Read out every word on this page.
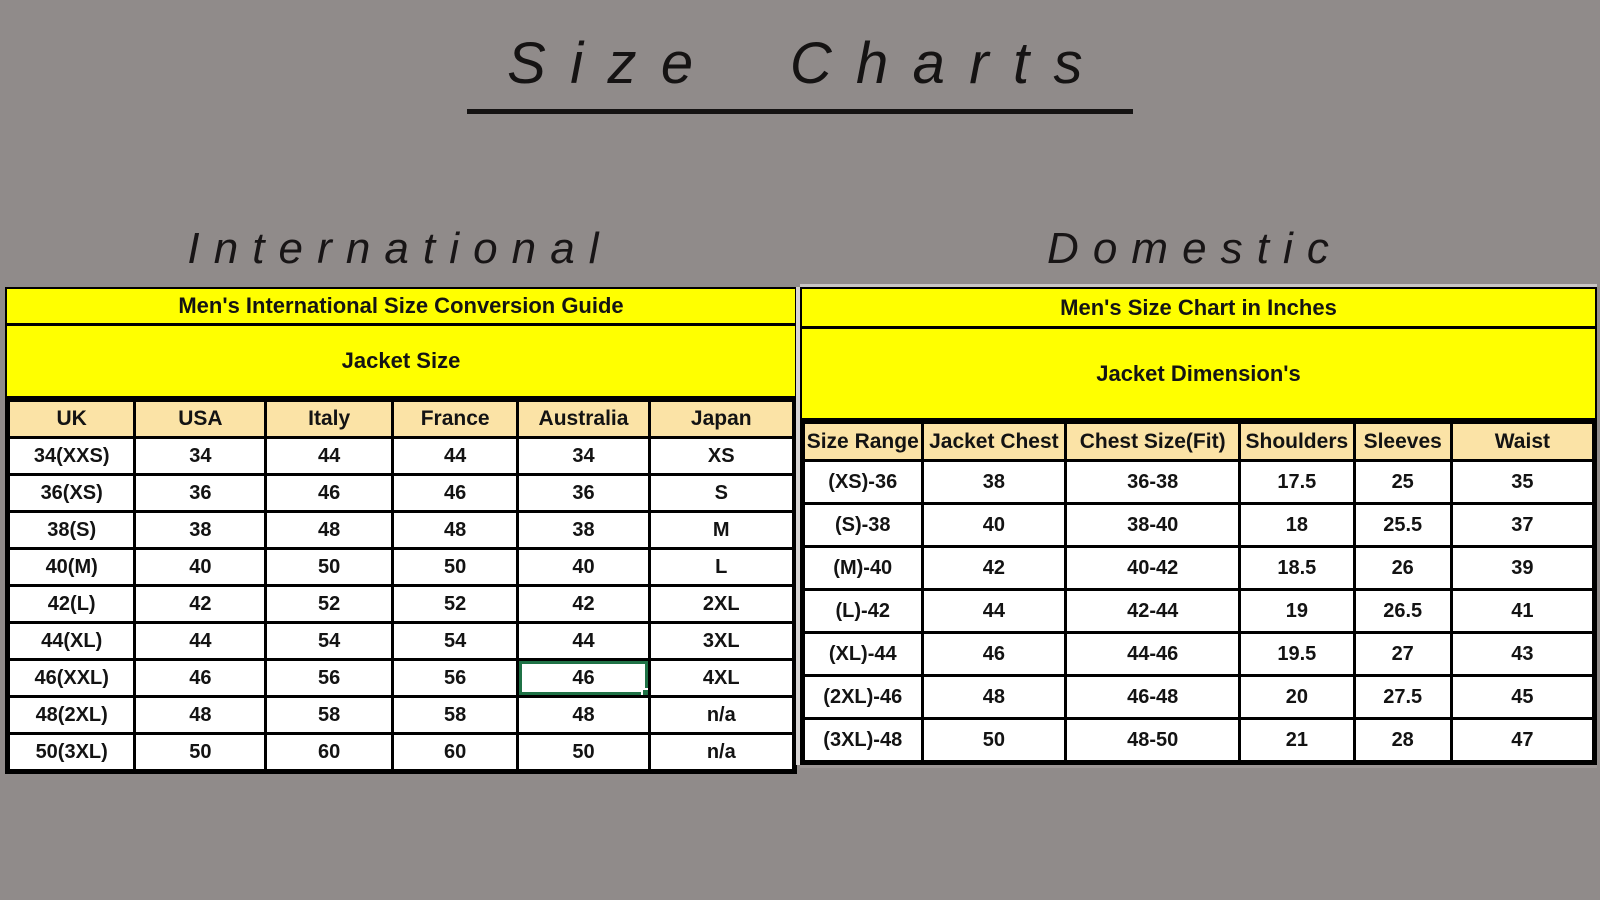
Size Charts
International	Domestic
Men's International Size Conversion Guide
Jacket Size
UK	USA	Italy	France	Australia	Japan
34(XXS)	34	44	44	34	XS
36(XS)	36	46	46	36	S
38(S)	38	48	48	38	M
40(M)	40	50	50	40	L
42(L)	42	52	52	42	2XL
44(XL)	44	54	54	44	3XL
46(XXL)	46	56	56	46	4XL
48(2XL)	48	58	58	48	n/a
50(3XL)	50	60	60	50	n/a
Men's Size Chart in Inches
Jacket Dimension's
Size Range	Jacket Chest	Chest Size(Fit)	Shoulders	Sleeves	Waist
(XS)-36	38	36-38	17.5	25	35
(S)-38	40	38-40	18	25.5	37
(M)-40	42	40-42	18.5	26	39
(L)-42	44	42-44	19	26.5	41
(XL)-44	46	44-46	19.5	27	43
(2XL)-46	48	46-48	20	27.5	45
(3XL)-48	50	48-50	21	28	47
